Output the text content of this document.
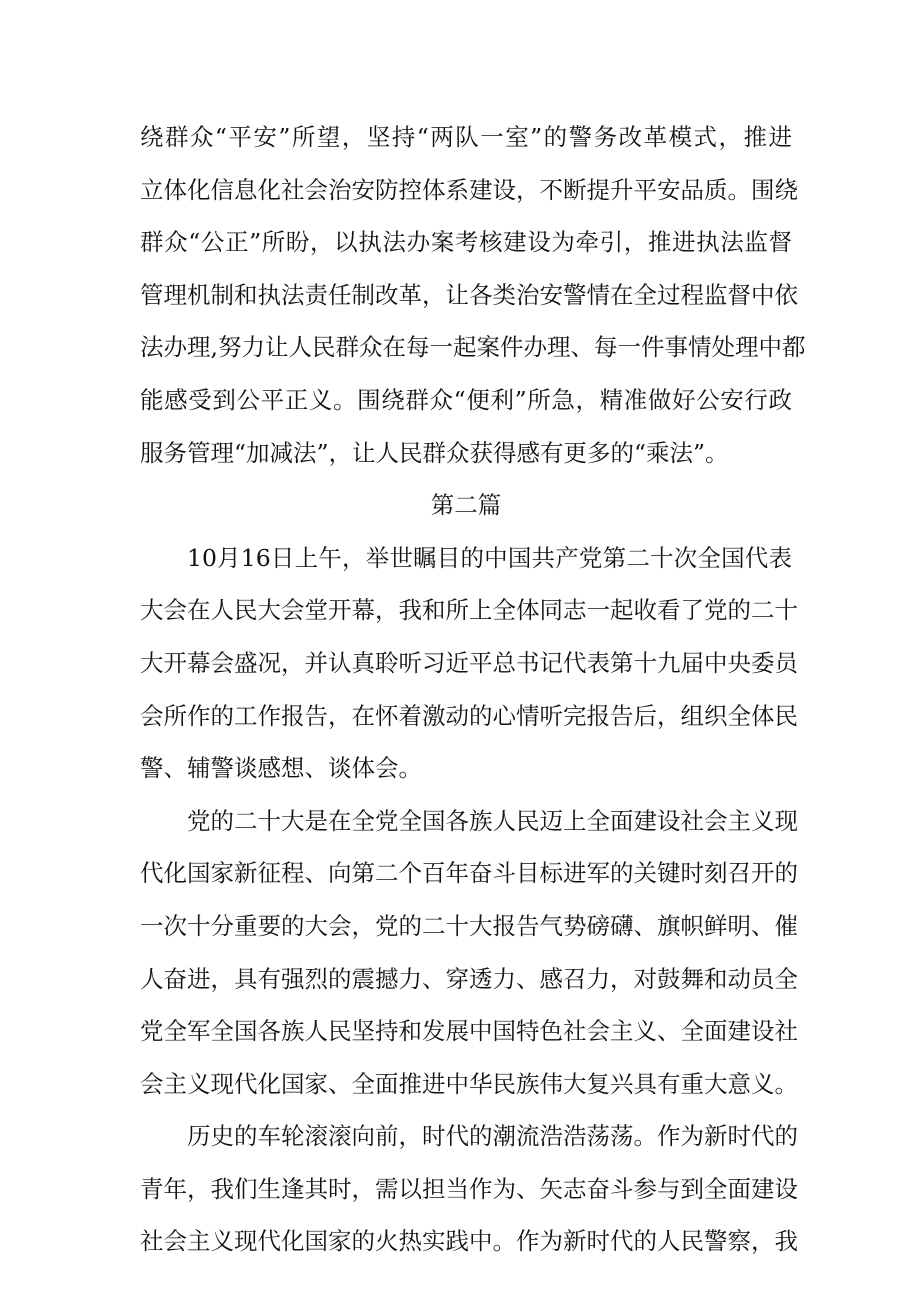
绕群众“平安”所望，坚持“两队一室”的警务改革模式，推进
立体化信息化社会治安防控体系建设，不断提升平安品质。围绕
群众“公正”所盼，以执法办案考核建设为牵引，推进执法监督
管理机制和执法责任制改革，让各类治安警情在全过程监督中依
法办理,努力让人民群众在每一起案件办理、每一件事情处理中都
能感受到公平正义。围绕群众“便利”所急，精准做好公安行政
服务管理“加减法”，让人民群众获得感有更多的“乘法”。
第二篇
10月16日上午，举世瞩目的中国共产党第二十次全国代表
大会在人民大会堂开幕，我和所上全体同志一起收看了党的二十
大开幕会盛况，并认真聆听习近平总书记代表第十九届中央委员
会所作的工作报告，在怀着激动的心情听完报告后，组织全体民
警、辅警谈感想、谈体会。
党的二十大是在全党全国各族人民迈上全面建设社会主义现
代化国家新征程、向第二个百年奋斗目标进军的关键时刻召开的
一次十分重要的大会，党的二十大报告气势磅礴、旗帜鲜明、催
人奋进，具有强烈的震撼力、穿透力、感召力，对鼓舞和动员全
党全军全国各族人民坚持和发展中国特色社会主义、全面建设社
会主义现代化国家、全面推进中华民族伟大复兴具有重大意义。
历史的车轮滚滚向前，时代的潮流浩浩荡荡。作为新时代的
青年，我们生逢其时，需以担当作为、矢志奋斗参与到全面建设
社会主义现代化国家的火热实践中。作为新时代的人民警察，我
